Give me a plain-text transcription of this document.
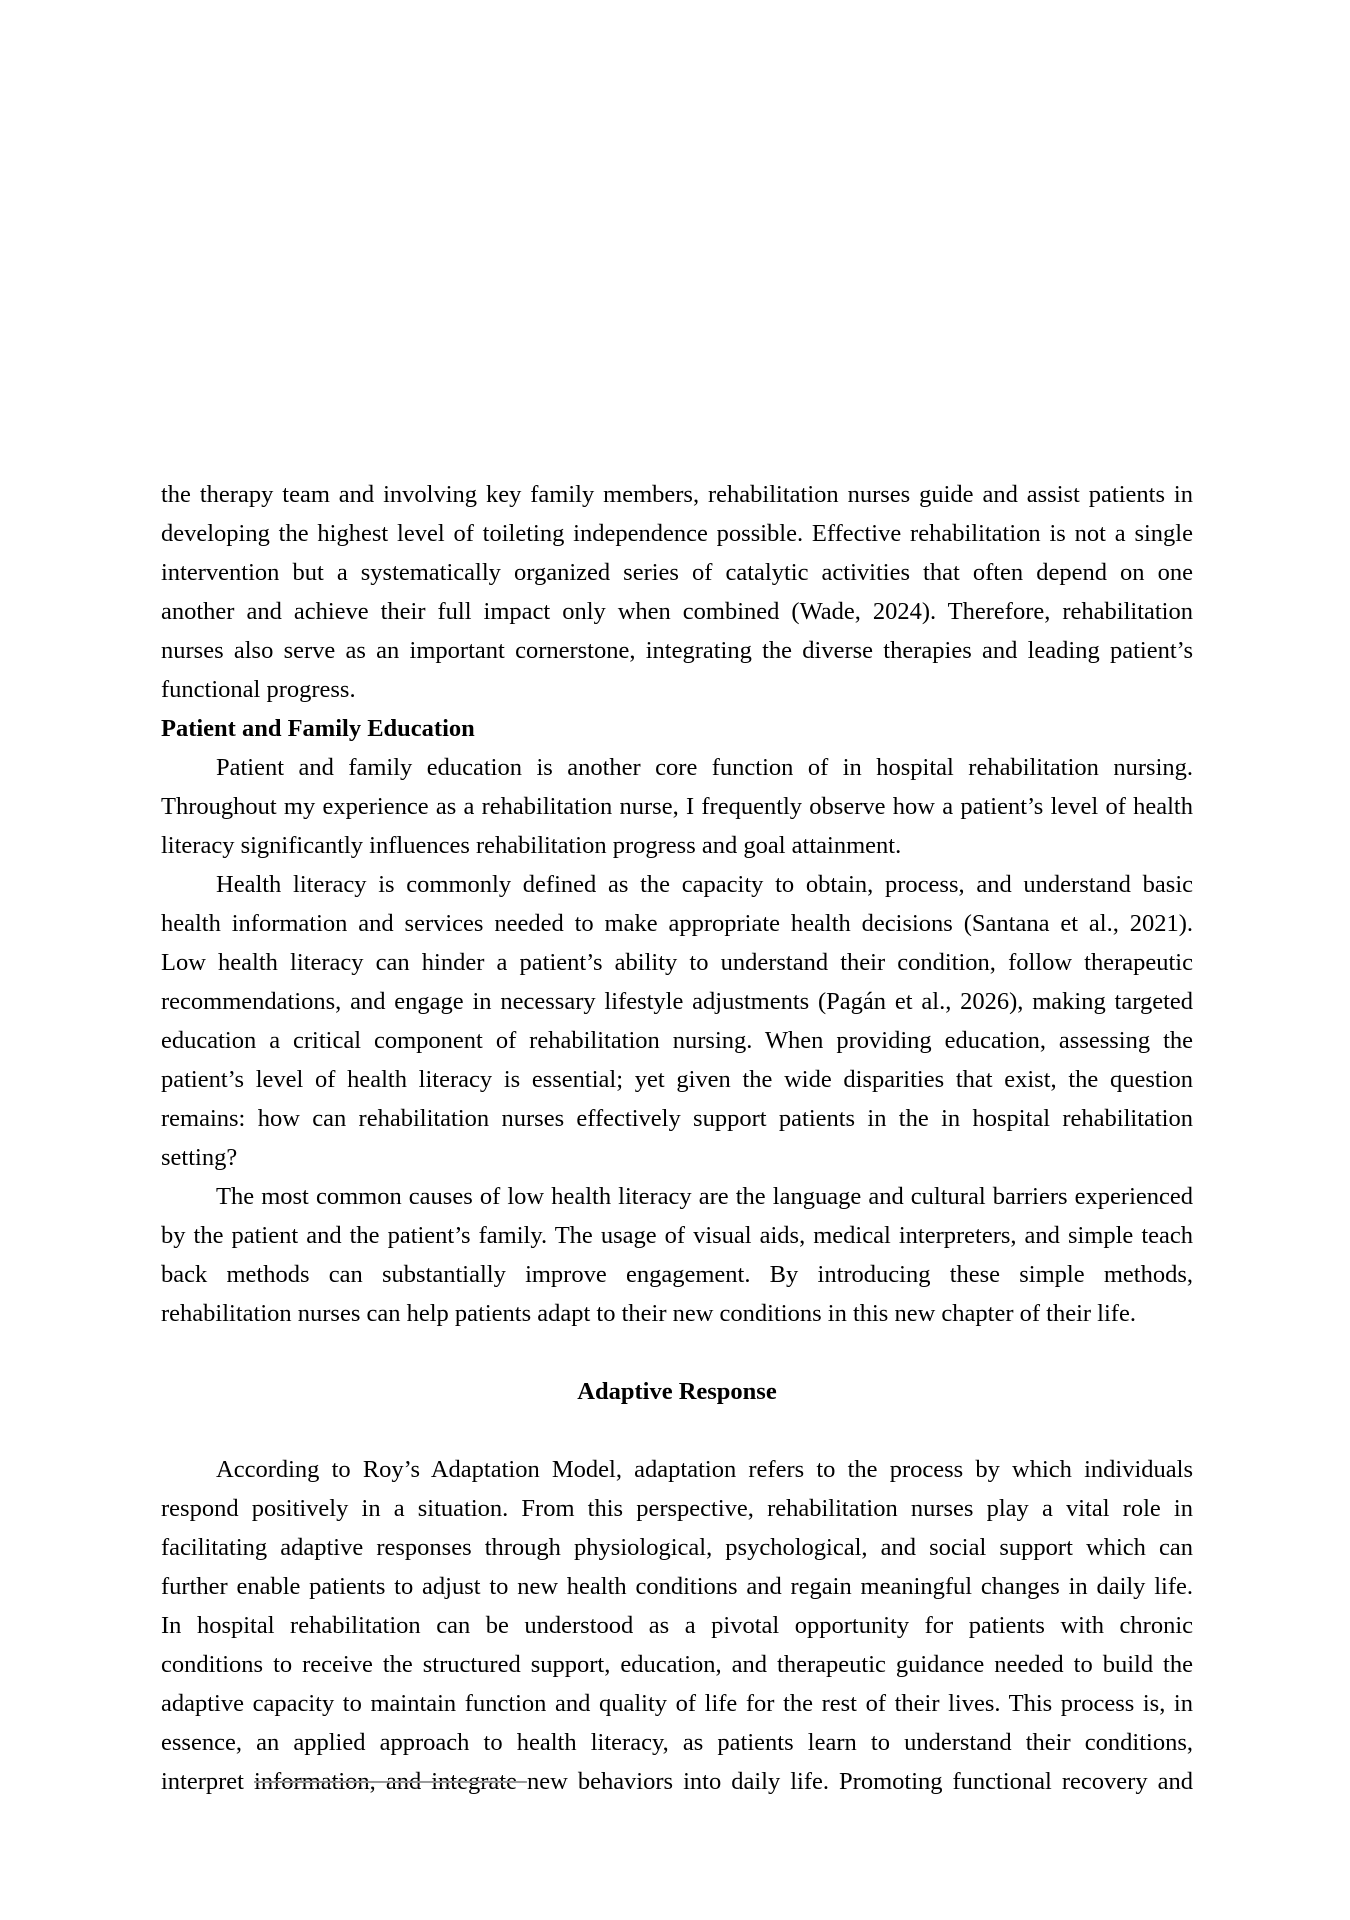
the therapy team and involving key family members, rehabilitation nurses guide and assist patients in
developing the highest level of toileting independence possible. Effective rehabilitation is not a single
intervention but a systematically organized series of catalytic activities that often depend on one
another and achieve their full impact only when combined (Wade, 2024). Therefore, rehabilitation
nurses also serve as an important cornerstone, integrating the diverse therapies and leading patient’s
functional progress.
Patient and Family Education
Patient and family education is another core function of in hospital rehabilitation nursing.
Throughout my experience as a rehabilitation nurse, I frequently observe how a patient’s level of health
literacy significantly influences rehabilitation progress and goal attainment.
Health literacy is commonly defined as the capacity to obtain, process, and understand basic
health information and services needed to make appropriate health decisions (Santana et al., 2021).
Low health literacy can hinder a patient’s ability to understand their condition, follow therapeutic
recommendations, and engage in necessary lifestyle adjustments (Pagán et al., 2026), making targeted
education a critical component of rehabilitation nursing. When providing education, assessing the
patient’s level of health literacy is essential; yet given the wide disparities that exist, the question
remains: how can rehabilitation nurses effectively support patients in the in hospital rehabilitation
setting?
The most common causes of low health literacy are the language and cultural barriers experienced
by the patient and the patient’s family. The usage of visual aids, medical interpreters, and simple teach
back methods can substantially improve engagement. By introducing these simple methods,
rehabilitation nurses can help patients adapt to their new conditions in this new chapter of their life.
Adaptive Response
According to Roy’s Adaptation Model, adaptation refers to the process by which individuals
respond positively in a situation. From this perspective, rehabilitation nurses play a vital role in
facilitating adaptive responses through physiological, psychological, and social support which can
further enable patients to adjust to new health conditions and regain meaningful changes in daily life.
In hospital rehabilitation can be understood as a pivotal opportunity for patients with chronic
conditions to receive the structured support, education, and therapeutic guidance needed to build the
adaptive capacity to maintain function and quality of life for the rest of their lives. This process is, in
essence, an applied approach to health literacy, as patients learn to understand their conditions,
interpret information, and integrate new behaviors into daily life. Promoting functional recovery and
